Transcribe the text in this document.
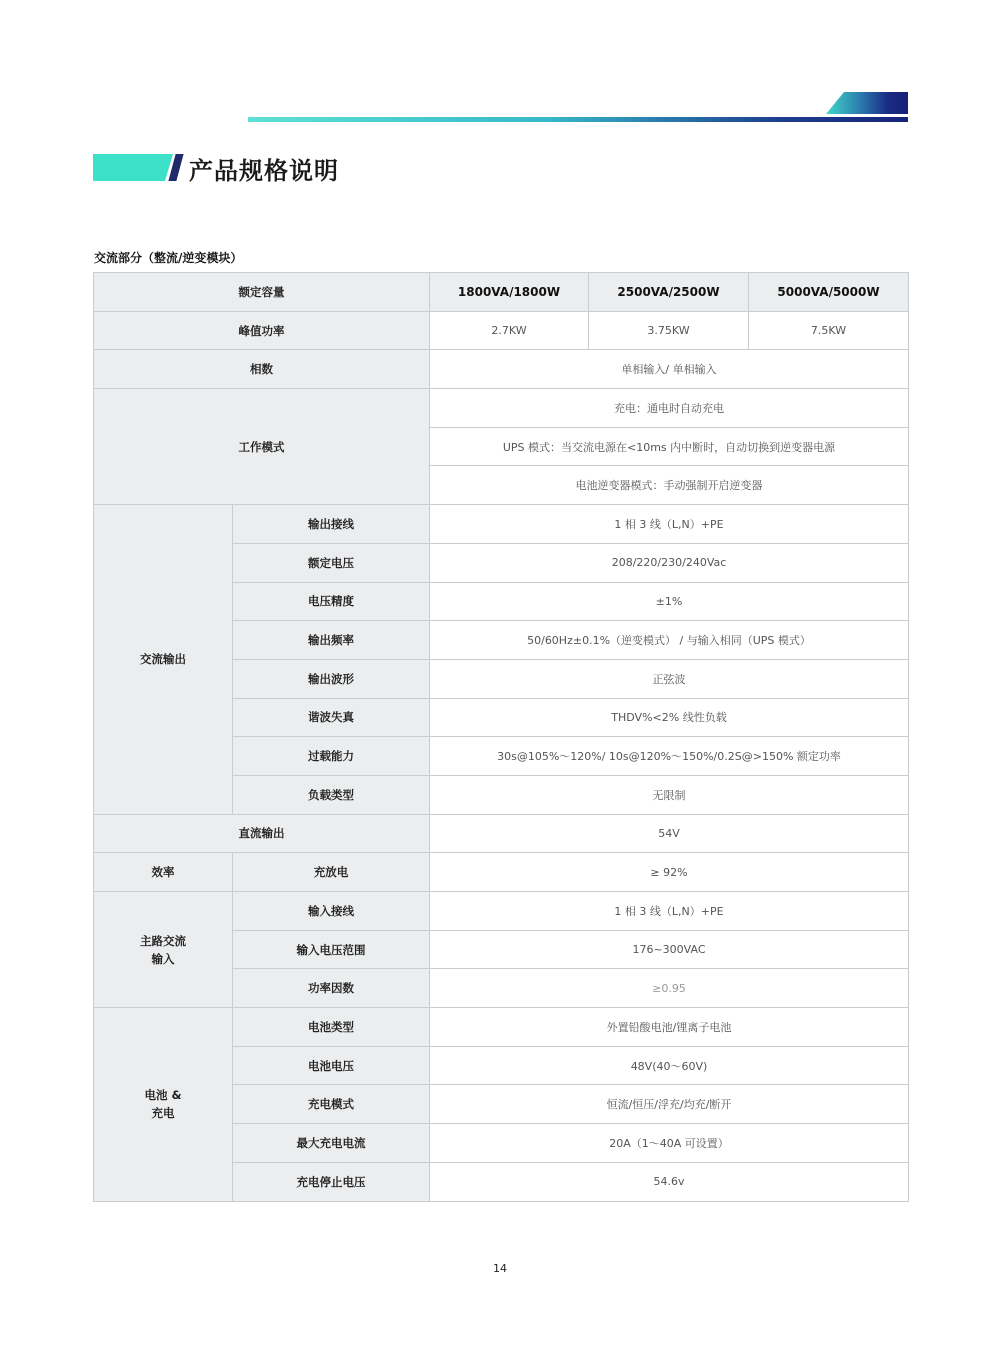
产品规格说明
交流部分（整流/逆变模块）
额定容量		1800VA/1800W	2500VA/2500W	5000VA/5000W
峰值功率		2.7KW	3.75KW	7.5KW
相数		单相输入/ 单相输入		
工作模式		充电：通电时自动充电		
		UPS 模式：当交流电源在<10ms 内中断时，自动切换到逆变器电源		
		电池逆变器模式：手动强制开启逆变器		
交流输出	输出接线	1 相 3 线（L,N）+PE		
	额定电压	208/220/230/240Vac		
	电压精度	±1%		
	输出频率	50/60Hz±0.1%（逆变模式） / 与输入相同（UPS 模式）		
	输出波形	正弦波		
	谐波失真	THDV%<2% 线性负载		
	过载能力	30s@105%～120%/ 10s@120%～150%/0.2S@>150% 额定功率		
	负载类型	无限制		
直流输出		54V		
效率	充放电	≥ 92%		
主路交流输入	输入接线	1 相 3 线（L,N）+PE		
	输入电压范围	176~300VAC		
	功率因数	≥0.95		
电池 & 充电	电池类型	外置铅酸电池/锂离子电池		
	电池电压	48V(40～60V)		
	充电模式	恒流/恒压/浮充/均充/断开		
	最大充电电流	20A（1～40A 可设置）		
	充电停止电压	54.6v		
14
